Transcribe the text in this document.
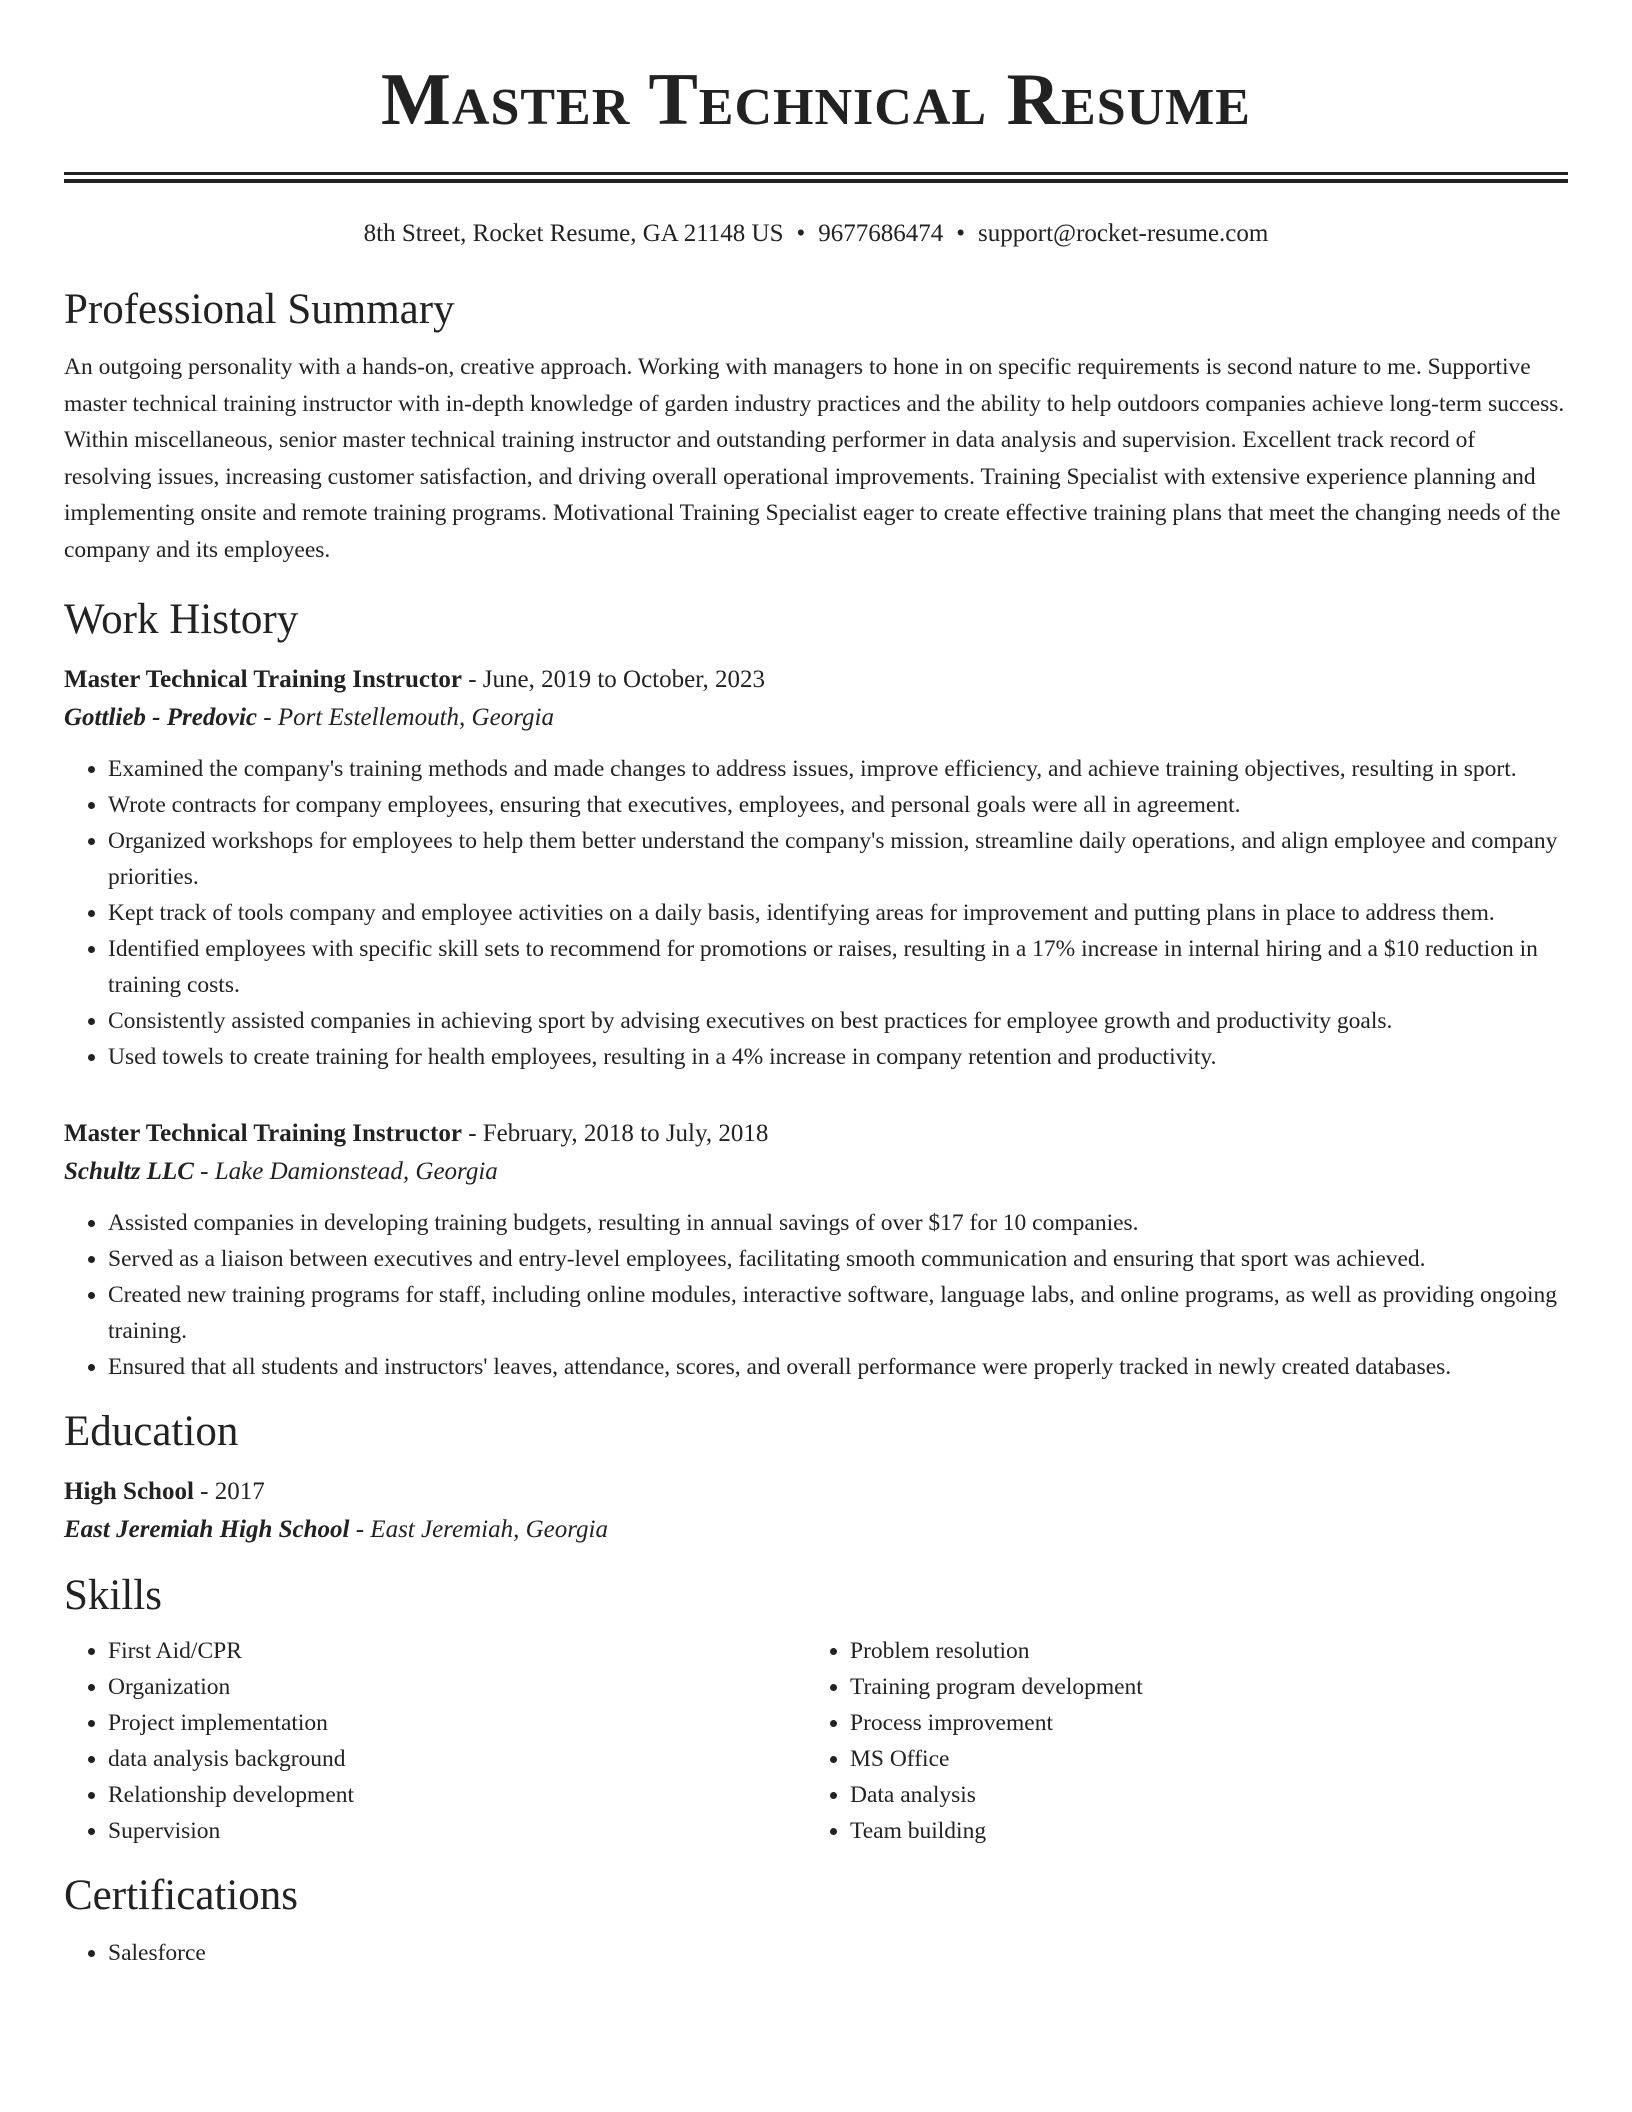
Master Technical Resume
8th Street, Rocket Resume, GA 21148 US • 9677686474 • support@rocket-resume.com
Professional Summary
An outgoing personality with a hands-on, creative approach. Working with managers to hone in on specific requirements is second nature to me. Supportive master technical training instructor with in-depth knowledge of garden industry practices and the ability to help outdoors companies achieve long-term success. Within miscellaneous, senior master technical training instructor and outstanding performer in data analysis and supervision. Excellent track record of resolving issues, increasing customer satisfaction, and driving overall operational improvements. Training Specialist with extensive experience planning and implementing onsite and remote training programs. Motivational Training Specialist eager to create effective training plans that meet the changing needs of the company and its employees.
Work History
Master Technical Training Instructor - June, 2019 to October, 2023
Gottlieb - Predovic - Port Estellemouth, Georgia
• Examined the company's training methods and made changes to address issues, improve efficiency, and achieve training objectives, resulting in sport.
• Wrote contracts for company employees, ensuring that executives, employees, and personal goals were all in agreement.
• Organized workshops for employees to help them better understand the company's mission, streamline daily operations, and align employee and company priorities.
• Kept track of tools company and employee activities on a daily basis, identifying areas for improvement and putting plans in place to address them.
• Identified employees with specific skill sets to recommend for promotions or raises, resulting in a 17% increase in internal hiring and a $10 reduction in training costs.
• Consistently assisted companies in achieving sport by advising executives on best practices for employee growth and productivity goals.
• Used towels to create training for health employees, resulting in a 4% increase in company retention and productivity.
Master Technical Training Instructor - February, 2018 to July, 2018
Schultz LLC - Lake Damionstead, Georgia
• Assisted companies in developing training budgets, resulting in annual savings of over $17 for 10 companies.
• Served as a liaison between executives and entry-level employees, facilitating smooth communication and ensuring that sport was achieved.
• Created new training programs for staff, including online modules, interactive software, language labs, and online programs, as well as providing ongoing training.
• Ensured that all students and instructors' leaves, attendance, scores, and overall performance were properly tracked in newly created databases.
Education
High School - 2017
East Jeremiah High School - East Jeremiah, Georgia
Skills
• First Aid/CPR
• Organization
• Project implementation
• data analysis background
• Relationship development
• Supervision
• Problem resolution
• Training program development
• Process improvement
• MS Office
• Data analysis
• Team building
Certifications
• Salesforce
